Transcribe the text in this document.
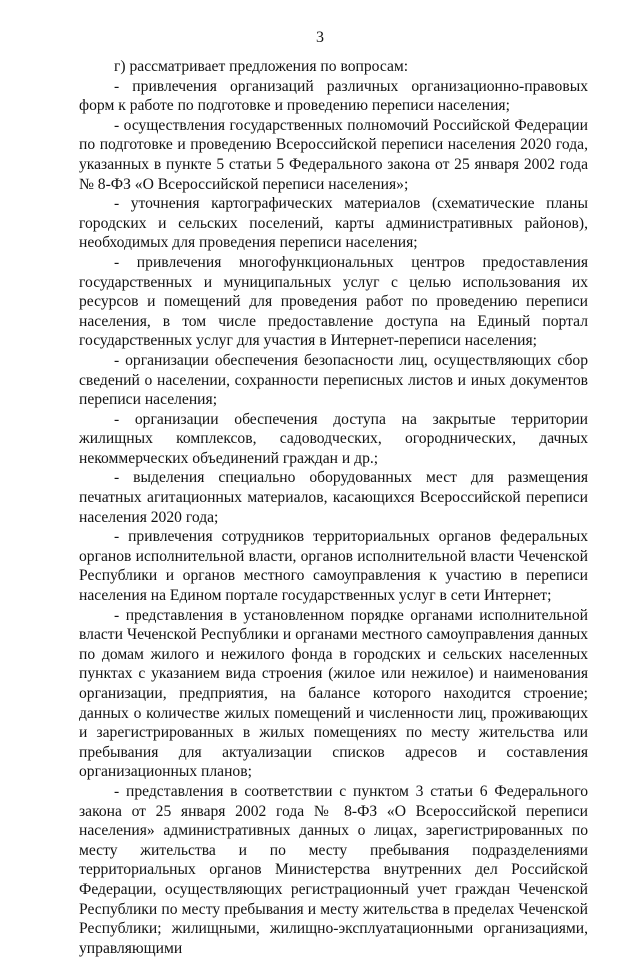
3

г) рассматривает предложения по вопросам:

- привлечения организаций различных организационно-правовых форм к работе по подготовке и проведению переписи населения;

- осуществления государственных полномочий Российской Федерации по подготовке и проведению Всероссийской переписи населения 2020 года, указанных в пункте 5 статьи 5 Федерального закона от 25 января 2002 года № 8-ФЗ «О Всероссийской переписи населения»;

- уточнения картографических материалов (схематические планы городских и сельских поселений, карты административных районов), необходимых для проведения переписи населения;

- привлечения многофункциональных центров предоставления государственных и муниципальных услуг с целью использования их ресурсов и помещений для проведения работ по проведению переписи населения, в том числе предоставление доступа на Единый портал государственных услуг для участия в Интернет-переписи населения;

- организации обеспечения безопасности лиц, осуществляющих сбор сведений о населении, сохранности переписных листов и иных документов переписи населения;

- организации обеспечения доступа на закрытые территории жилищных комплексов, садоводческих, огороднических, дачных некоммерческих объединений граждан и др.;

- выделения специально оборудованных мест для размещения печатных агитационных материалов, касающихся Всероссийской переписи населения 2020 года;

- привлечения сотрудников территориальных органов федеральных органов исполнительной власти, органов исполнительной власти Чеченской Республики и органов местного самоуправления к участию в переписи населения на Едином портале государственных услуг в сети Интернет;

- представления в установленном порядке органами исполнительной власти Чеченской Республики и органами местного самоуправления данных по домам жилого и нежилого фонда в городских и сельских населенных пунктах с указанием вида строения (жилое или нежилое) и наименования организации, предприятия, на балансе которого находится строение; данных о количестве жилых помещений и численности лиц, проживающих и зарегистрированных в жилых помещениях по месту жительства или пребывания для актуализации списков адресов и составления организационных планов;

- представления в соответствии с пунктом 3 статьи 6 Федерального закона от 25 января 2002 года № 8-ФЗ «О Всероссийской переписи населения» административных данных о лицах, зарегистрированных по месту жительства и по месту пребывания подразделениями территориальных органов Министерства внутренних дел Российской Федерации, осуществляющих регистрационный учет граждан Чеченской Республики по месту пребывания и месту жительства в пределах Чеченской Республики; жилищными, жилищно-эксплуатационными организациями, управляющими
